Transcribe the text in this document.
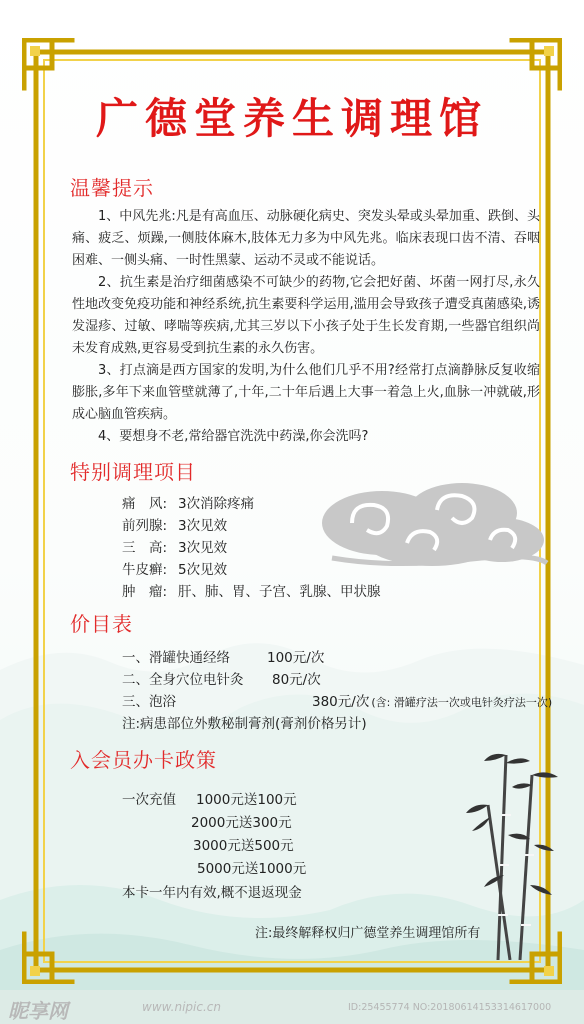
广德堂养生调理馆
温馨提示
1、中风先兆:凡是有高血压、动脉硬化病史、突发头晕或头晕加重、跌倒、头痛、疲乏、烦躁,一侧肢体麻木,肢体无力多为中风先兆。临床表现口齿不清、吞咽困难、一侧头痛、一时性黑蒙、运动不灵或不能说话。
2、抗生素是治疗细菌感染不可缺少的药物,它会把好菌、坏菌一网打尽,永久性地改变免疫功能和神经系统,抗生素要科学运用,滥用会导致孩子遭受真菌感染,诱发湿疹、过敏、哮喘等疾病,尤其三岁以下小孩子处于生长发育期,一些器官组织尚未发育成熟,更容易受到抗生素的永久伤害。
3、打点滴是西方国家的发明,为什么他们几乎不用?经常打点滴静脉反复收缩膨胀,多年下来血管壁就薄了,十年,二十年后遇上大事一着急上火,血脉一冲就破,形成心脑血管疾病。
4、要想身不老,常给器官洗洗中药澡,你会洗吗?
特别调理项目
痛　风: 3次消除疼痛
前列腺: 3次见效
三　高: 3次见效
牛皮癣: 5次见效
肿　瘤: 肝、肺、胃、子宫、乳腺、甲状腺
价目表
一、滑罐快通经络	100元/次
二、全身穴位电针灸 80元/次
三、泡浴	380元/次 (含: 滑罐疗法一次或电针灸疗法一次)
注:病患部位外敷秘制膏剂(膏剂价格另计)
入会员办卡政策
一次充值 1000元送100元
2000元送300元
3000元送500元
5000元送1000元
本卡一年内有效,概不退返现金
注:最终解释权归广德堂养生调理馆所有
昵享网	www.nipic.cn	ID:25455774 NO:20180614153314617000
